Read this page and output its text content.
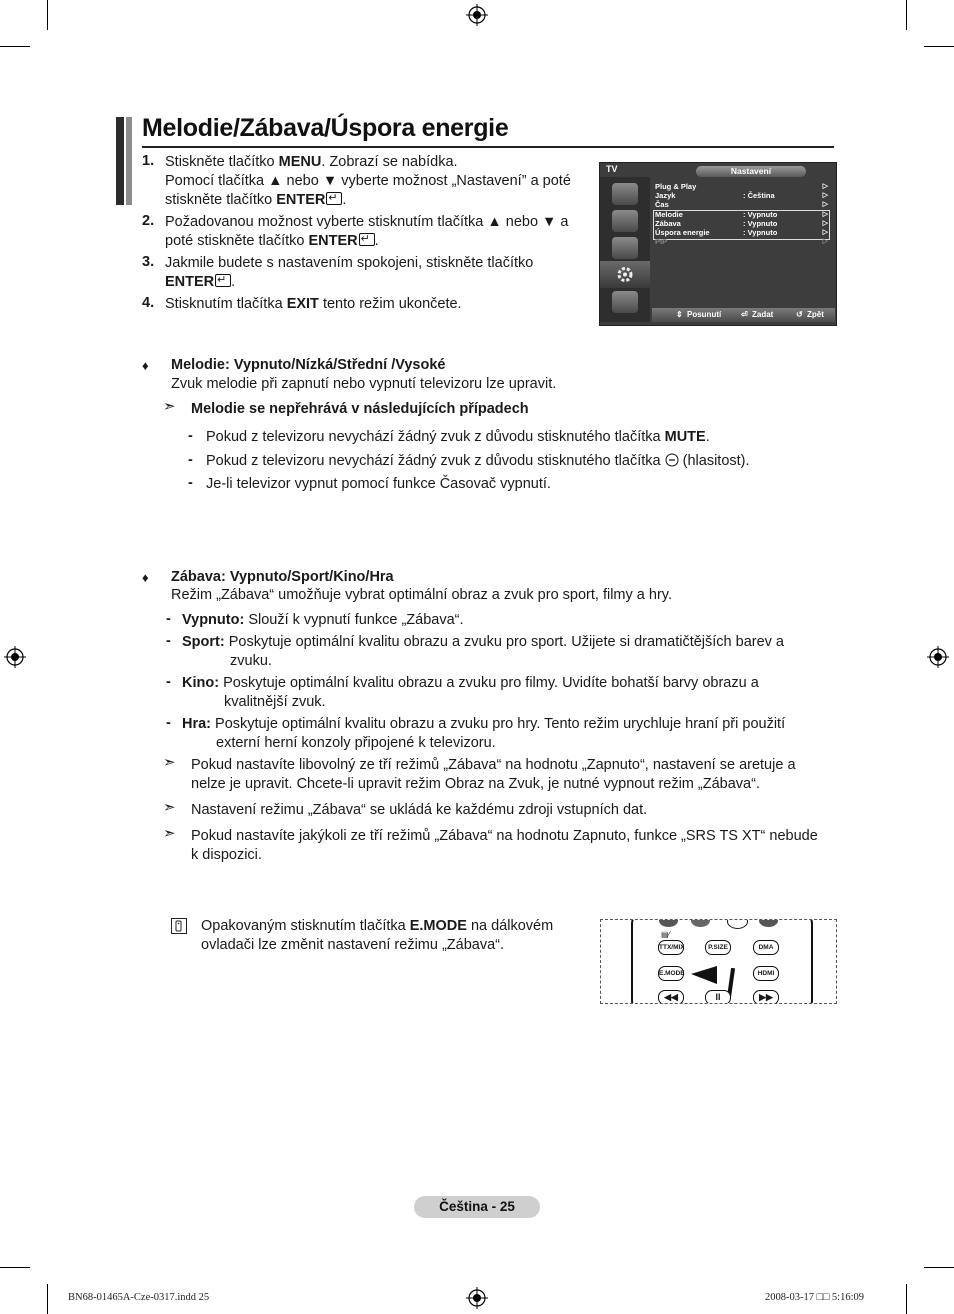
Melodie/Zábava/Úspora energie
1. Stiskněte tlačítko MENU. Zobrazí se nabídka.
Pomocí tlačítka ▲ nebo ▼ vyberte možnost „Nastavení” a poté
stiskněte tlačítko ENTER ↵ .
2. Požadovanou možnost vyberte stisknutím tlačítka ▲ nebo ▼ a
poté stiskněte tlačítko ENTER ↵ .
3. Jakmile budete s nastavením spokojeni, stiskněte tlačítko
ENTER ↵ .
4. Stisknutím tlačítka EXIT tento režim ukončete.
TV	Nastavení
Plug & Play	▷
Jazyk	: Čeština	▷
Čas	▷
Melodie	: Vypnuto	▷
Zábava	: Vypnuto	▷
Úspora energie	: Vypnuto	▷
PIP	▷
⇕ Posunutí ⏎ Zadat	↺ Zpět
♦ Melodie: Vypnuto/Nízká/Střední /Vysoké
Zvuk melodie při zapnutí nebo vypnutí televizoru lze upravit.
➣ Melodie se nepřehrává v následujících případech
- Pokud z televizoru nevychází žádný zvuk z důvodu stisknutého tlačítka MUTE.
- Pokud z televizoru nevychází žádný zvuk z důvodu stisknutého tlačítka  (hlasitost).
- Je-li televizor vypnut pomocí funkce Časovač vypnutí.
♦ Zábava: Vypnuto/Sport/Kino/Hra
Režim „Zábava“ umožňuje vybrat optimální obraz a zvuk pro sport, filmy a hry.
- Vypnuto: Slouží k vypnutí funkce „Zábava“.
- Sport: Poskytuje optimální kvalitu obrazu a zvuku pro sport. Užijete si dramatičtějších barev a
zvuku.
- Kino: Poskytuje optimální kvalitu obrazu a zvuku pro filmy. Uvidíte bohatší barvy obrazu a
kvalitnější zvuk.
- Hra: Poskytuje optimální kvalitu obrazu a zvuku pro hry. Tento režim urychluje hraní při použití
externí herní konzoly připojené k televizoru.
➣ Pokud nastavíte libovolný ze tří režimů „Zábava“ na hodnotu „Zapnuto“, nastavení se aretuje a
nelze je upravit. Chcete-li upravit režim Obraz na Zvuk, je nutné vypnout režim „Zábava“.
➣ Nastavení režimu „Zábava“ se ukládá ke každému zdroji vstupních dat.
➣ Pokud nastavíte jakýkoli ze tří režimů „Zábava“ na hodnotu Zapnuto, funkce „SRS TS XT“ nebude
k dispozici.
Opakovaným stisknutím tlačítka E.MODE na dálkovém
ovladači lze změnit nastavení režimu „Zábava“.
▤⁄
TTX/MIX	P.SIZE	DMA
E.MODE	HDMI
◀◀	II	▶▶
Čeština - 25
BN68-01465A-Cze-0317.indd 25	2008-03-17 □□ 5:16:09
